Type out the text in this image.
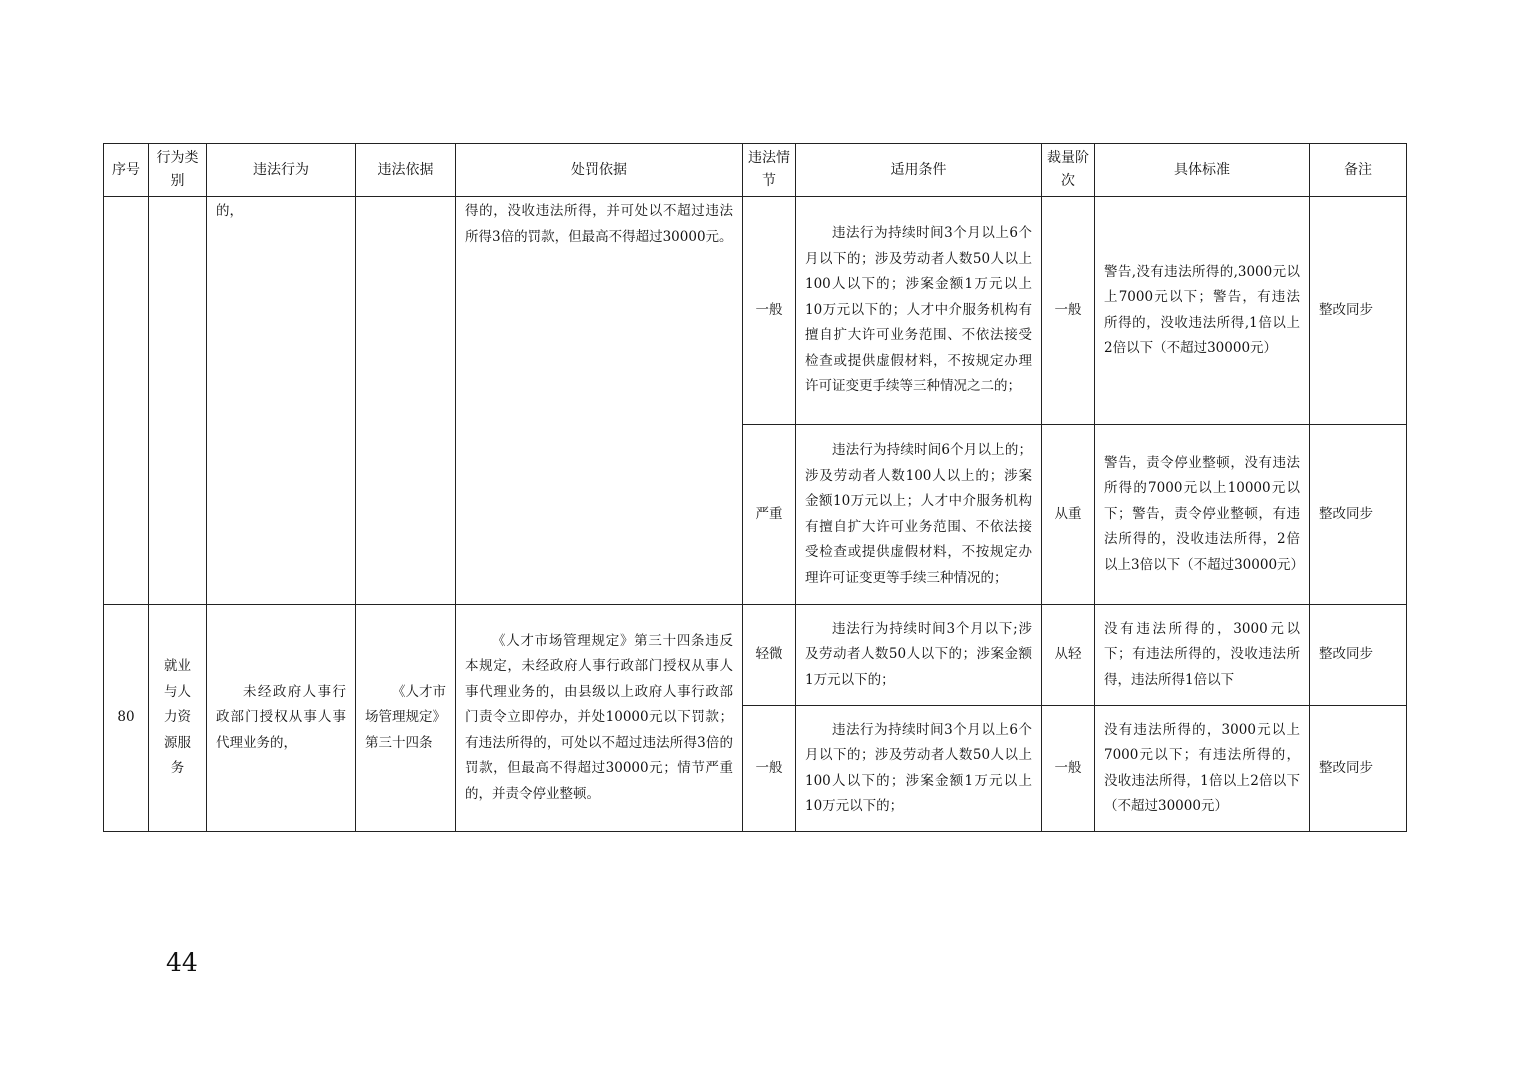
序号	行为类别	违法行为	违法依据	处罚依据	违法情节	适用条件	裁量阶次	具体标准	备注
		的，		得的，没收违法所得，并可处以不超过违法所得3倍的罚款，但最高不得超过30000元。	一般	违法行为持续时间3个月以上6个月以下的；涉及劳动者人数50人以上100人以下的；涉案金额1万元以上10万元以下的；人才中介服务机构有擅自扩大许可业务范围、不依法接受检查或提供虚假材料，不按规定办理许可证变更手续等三种情况之二的；	一般	警告,没有违法所得的,3000元以上7000元以下；警告，有违法所得的，没收违法所得,1倍以上2倍以下（不超过30000元）	整改同步
					严重	违法行为持续时间6个月以上的；涉及劳动者人数100人以上的；涉案金额10万元以上；人才中介服务机构有擅自扩大许可业务范围、不依法接受检查或提供虚假材料，不按规定办理许可证变更等手续三种情况的；	从重	警告，责令停业整顿，没有违法所得的7000元以上10000元以下；警告，责令停业整顿，有违法所得的，没收违法所得，2倍以上3倍以下（不超过30000元）	整改同步
80	就业与人力资源服务	未经政府人事行政部门授权从事人事代理业务的，	《人才市场管理规定》第三十四条	《人才市场管理规定》第三十四条违反本规定，未经政府人事行政部门授权从事人事代理业务的，由县级以上政府人事行政部门责令立即停办，并处10000元以下罚款；有违法所得的，可处以不超过违法所得3倍的罚款，但最高不得超过30000元；情节严重的，并责令停业整顿。	轻微	违法行为持续时间3个月以下;涉及劳动者人数50人以下的；涉案金额1万元以下的；	从轻	没有违法所得的，3000元以下；有违法所得的，没收违法所得，违法所得1倍以下	整改同步
					一般	违法行为持续时间3个月以上6个月以下的；涉及劳动者人数50人以上100人以下的；涉案金额1万元以上10万元以下的；	一般	没有违法所得的，3000元以上7000元以下；有违法所得的，没收违法所得，1倍以上2倍以下（不超过30000元）	整改同步
44
